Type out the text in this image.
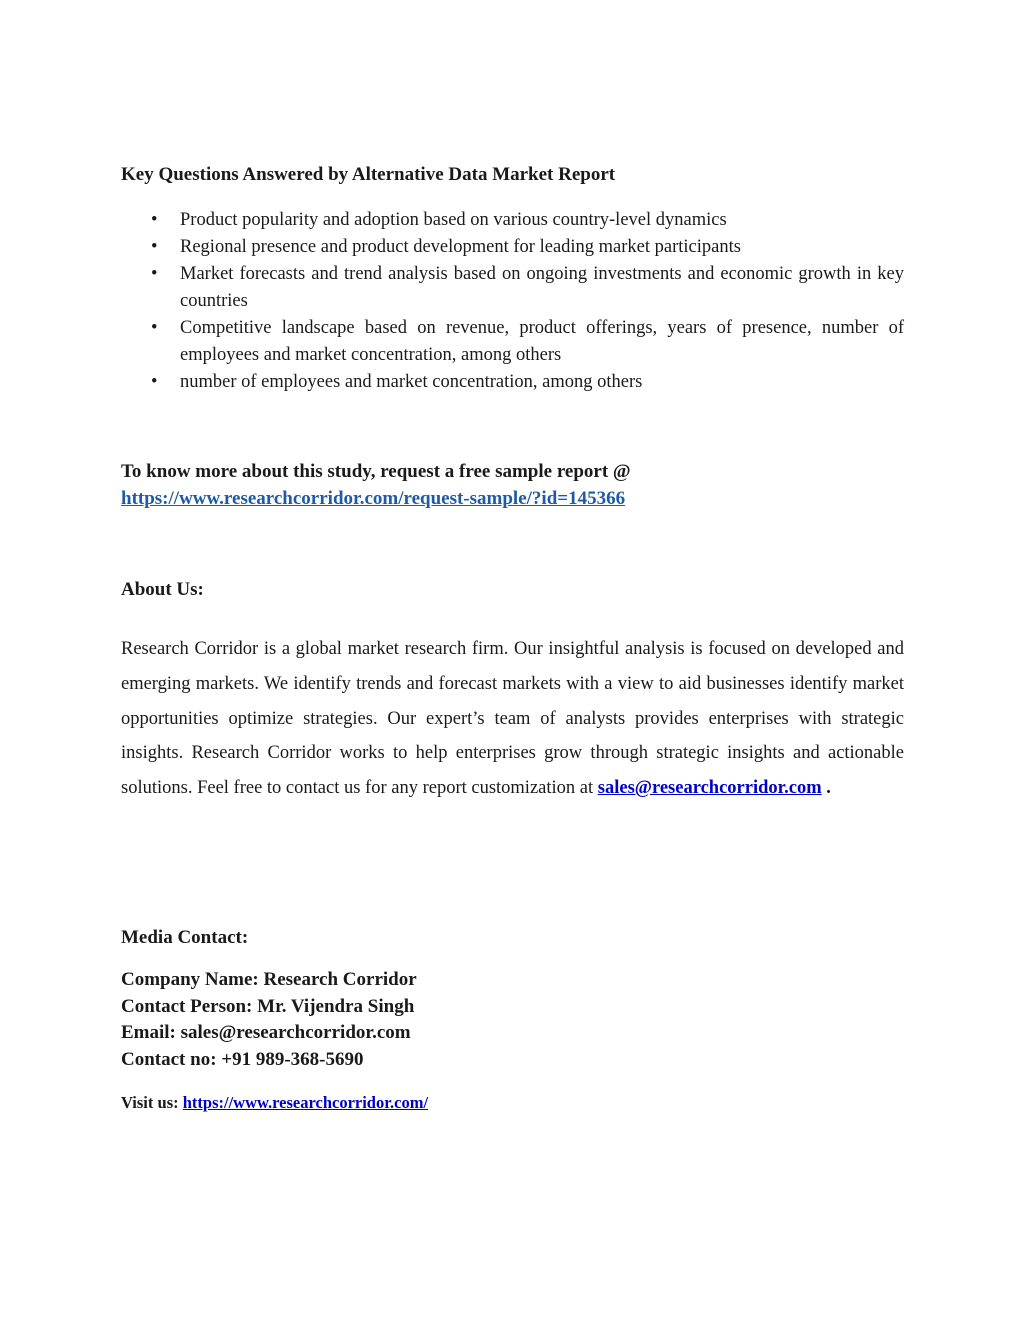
Key Questions Answered by Alternative Data Market Report
• Product popularity and adoption based on various country-level dynamics
• Regional presence and product development for leading market participants
• Market forecasts and trend analysis based on ongoing investments and economic growth in key countries
• Competitive landscape based on revenue, product offerings, years of presence, number of employees and market concentration, among others
• number of employees and market concentration, among others
To know more about this study, request a free sample report @
https://www.researchcorridor.com/request-sample/?id=145366
About Us:

Research Corridor is a global market research firm. Our insightful analysis is focused on developed and emerging markets. We identify trends and forecast markets with a view to aid businesses identify market opportunities optimize strategies. Our expert’s team of analysts provides enterprises with strategic insights. Research Corridor works to help enterprises grow through strategic insights and actionable solutions. Feel free to contact us for any report customization at sales@researchcorridor.com .

Media Contact:
Company Name: Research Corridor
Contact Person: Mr. Vijendra Singh
Email: sales@researchcorridor.com
Contact no: +91 989-368-5690
Visit us: https://www.researchcorridor.com/
